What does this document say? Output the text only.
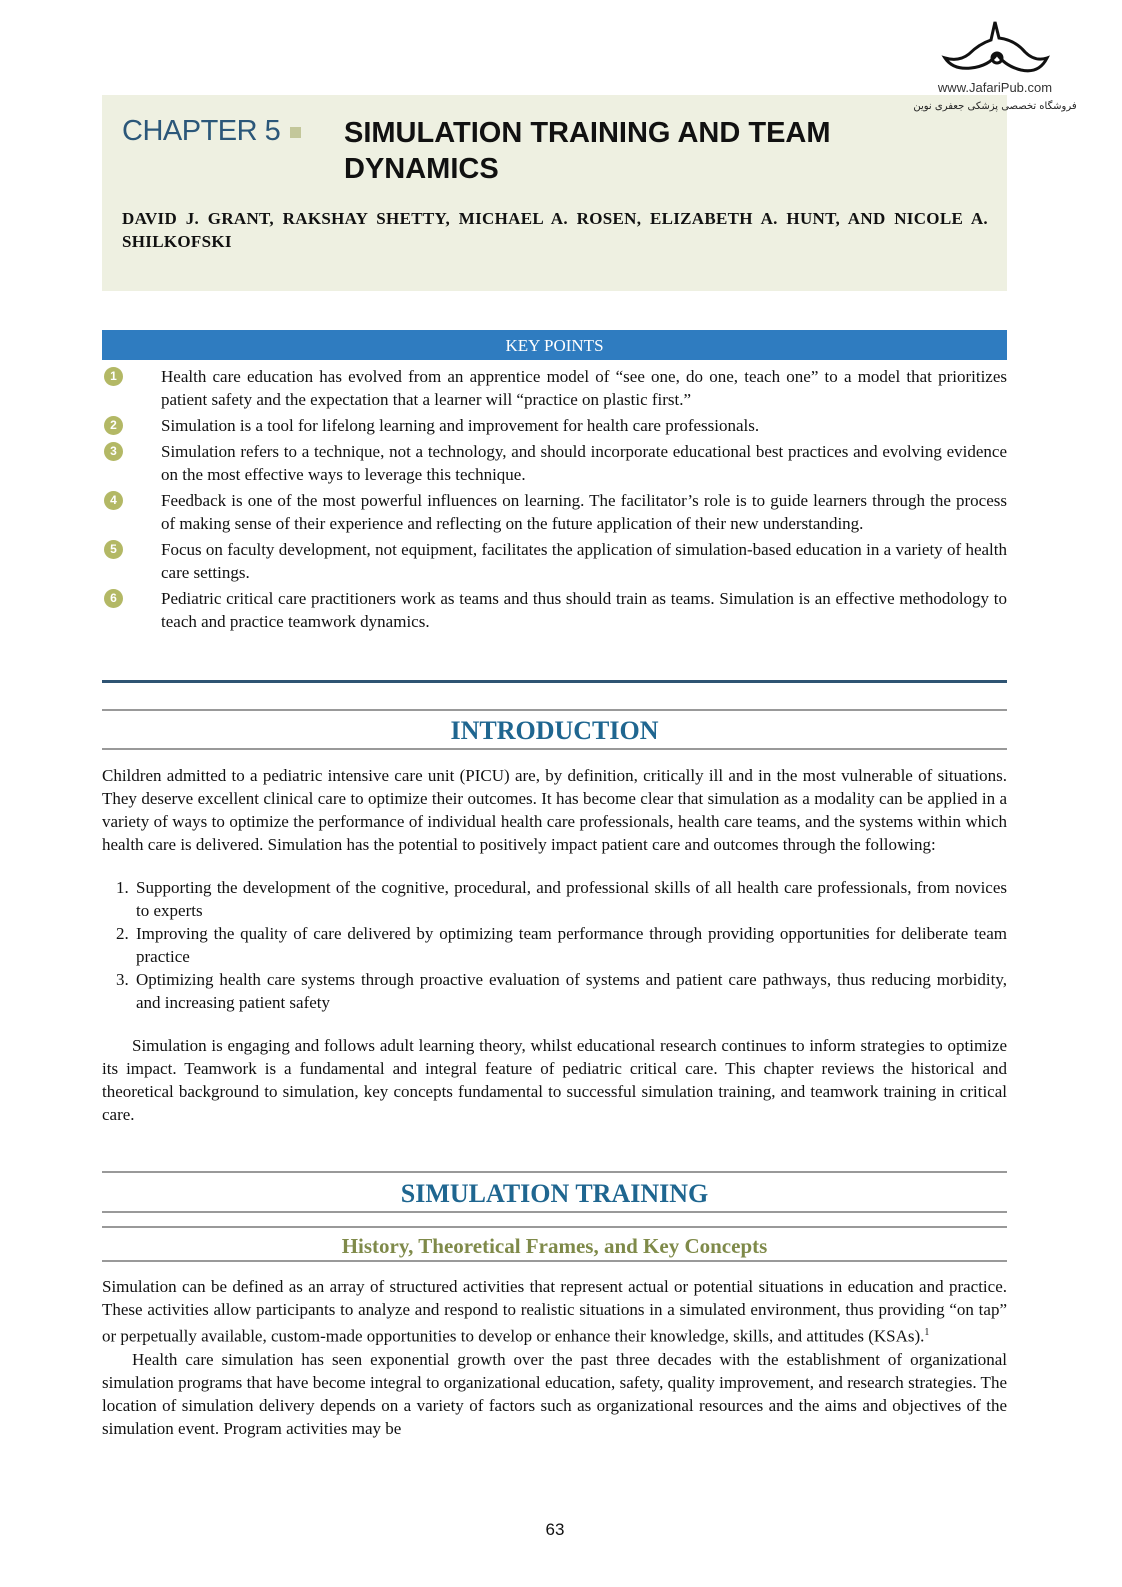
www.JafariPub.com
فروشگاه تخصصی پزشکی جعفری نوین
CHAPTER 5	SIMULATION TRAINING AND TEAM DYNAMICS
DAVID J. GRANT, RAKSHAY SHETTY, MICHAEL A. ROSEN, ELIZABETH A. HUNT, AND NICOLE A. SHILKOFSKI
KEY POINTS
1	Health care education has evolved from an apprentice model of “see one, do one, teach one” to a model that prioritizes patient safety and the expectation that a learner will “practice on plastic first.”
2	Simulation is a tool for lifelong learning and improvement for health care professionals.
3	Simulation refers to a technique, not a technology, and should incorporate educational best practices and evolving evidence on the most effective ways to leverage this technique.
4	Feedback is one of the most powerful influences on learning. The facilitator’s role is to guide learners through the process of making sense of their experience and reflecting on the future application of their new understanding.
5	Focus on faculty development, not equipment, facilitates the application of simulation-based education in a variety of health care settings.
6	Pediatric critical care practitioners work as teams and thus should train as teams. Simulation is an effective methodology to teach and practice teamwork dynamics.
INTRODUCTION

Children admitted to a pediatric intensive care unit (PICU) are, by definition, critically ill and in the most vulnerable of situations. They deserve excellent clinical care to optimize their outcomes. It has become clear that simulation as a modality can be applied in a variety of ways to optimize the performance of individual health care professionals, health care teams, and the systems within which health care is delivered. Simulation has the potential to positively impact patient care and outcomes through the following:

1. Supporting the development of the cognitive, procedural, and professional skills of all health care professionals, from novices to experts
2. Improving the quality of care delivered by optimizing team performance through providing opportunities for deliberate team practice
3. Optimizing health care systems through proactive evaluation of systems and patient care pathways, thus reducing morbidity, and increasing patient safety

Simulation is engaging and follows adult learning theory, whilst educational research continues to inform strategies to optimize its impact. Teamwork is a fundamental and integral feature of pediatric critical care. This chapter reviews the historical and theoretical background to simulation, key concepts fundamental to successful simulation training, and teamwork training in critical care.

SIMULATION TRAINING
History, Theoretical Frames, and Key Concepts

Simulation can be defined as an array of structured activities that represent actual or potential situations in education and practice. These activities allow participants to analyze and respond to realistic situations in a simulated environment, thus providing “on tap” or perpetually available, custom-made opportunities to develop or enhance their knowledge, skills, and attitudes (KSAs).$^1$

Health care simulation has seen exponential growth over the past three decades with the establishment of organizational simulation programs that have become integral to organizational education, safety, quality improvement, and research strategies. The location of simulation delivery depends on a variety of factors such as organizational resources and the aims and objectives of the simulation event. Program activities may be

63
